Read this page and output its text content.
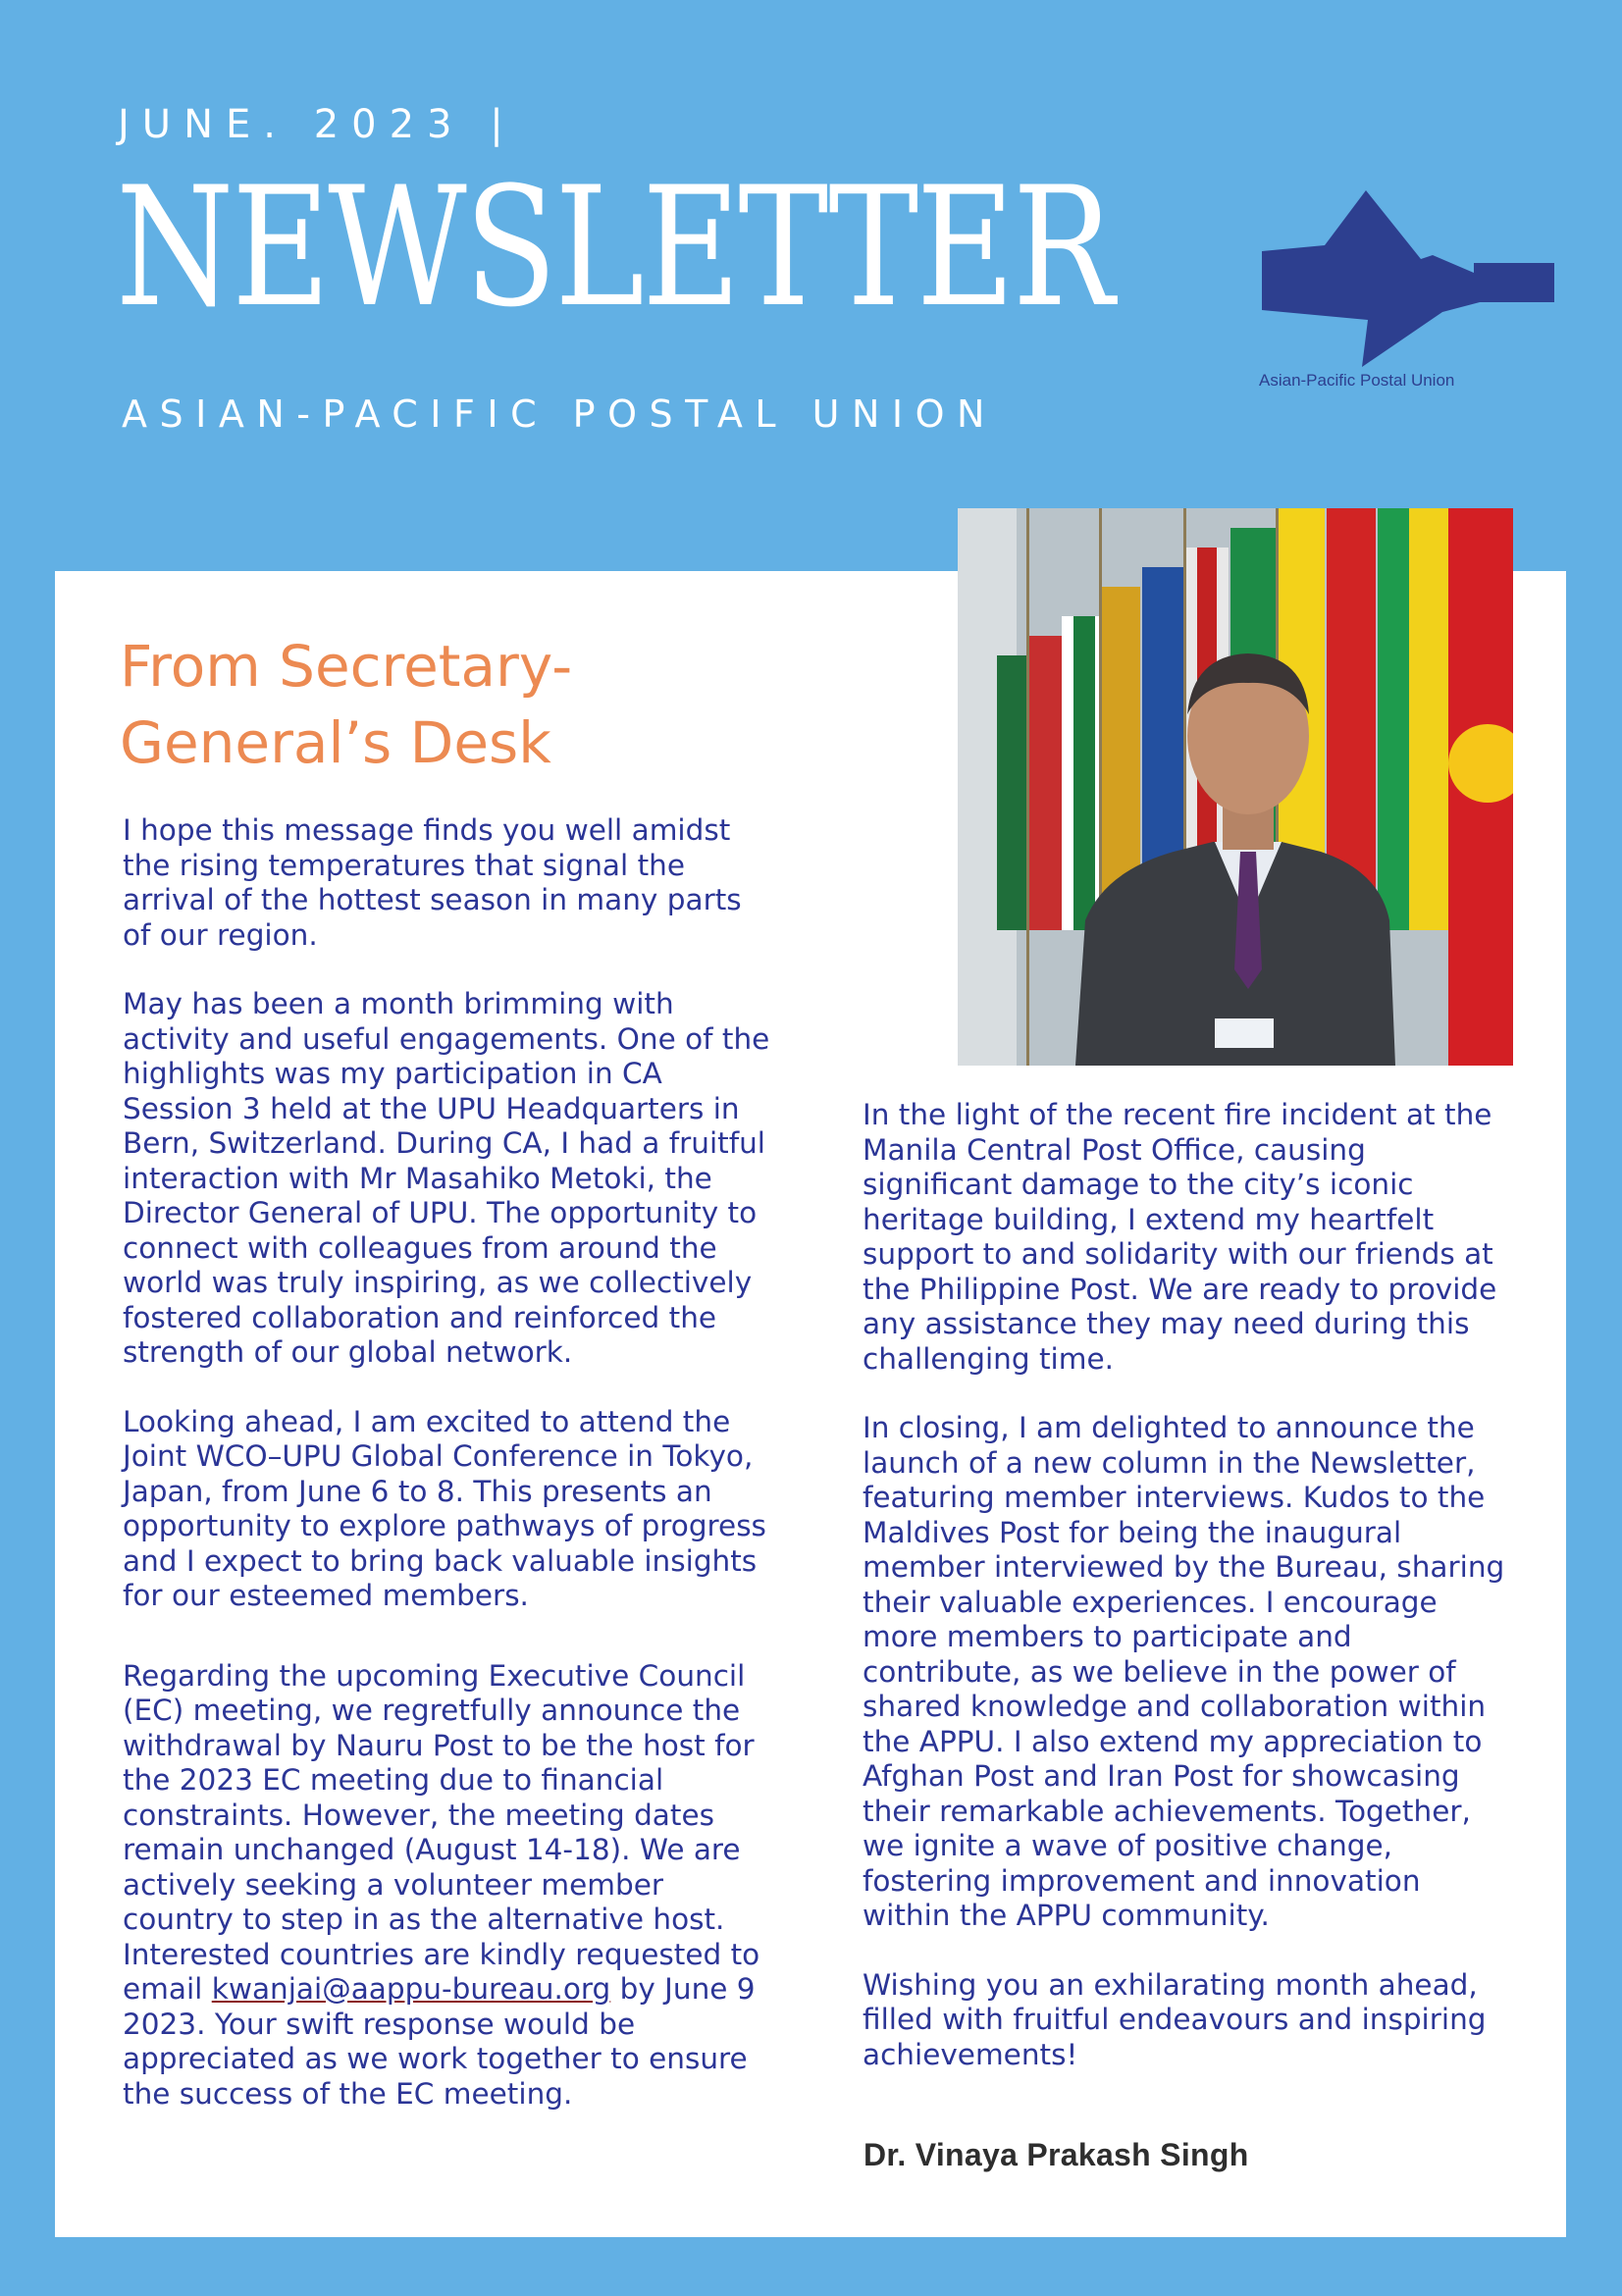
JUNE. 2023 |
NEWSLETTER
ASIAN-PACIFIC POSTAL UNION
Asian-Pacific Postal Union
From Secretary-
General’s Desk

I hope this message finds you well amidst
the rising temperatures that signal the
arrival of the hottest season in many parts
of our region.

May has been a month brimming with
activity and useful engagements. One of the
highlights was my participation in CA
Session 3 held at the UPU Headquarters in
Bern, Switzerland. During CA, I had a fruitful
interaction with Mr Masahiko Metoki, the
Director General of UPU. The opportunity to
connect with colleagues from around the
world was truly inspiring, as we collectively
fostered collaboration and reinforced the
strength of our global network.

Looking ahead, I am excited to attend the
Joint WCO–UPU Global Conference in Tokyo,
Japan, from June 6 to 8. This presents an
opportunity to explore pathways of progress
and I expect to bring back valuable insights
for our esteemed members.

Regarding the upcoming Executive Council
(EC) meeting, we regretfully announce the
withdrawal by Nauru Post to be the host for
the 2023 EC meeting due to financial
constraints. However, the meeting dates
remain unchanged (August 14-18). We are
actively seeking a volunteer member
country to step in as the alternative host.
Interested countries are kindly requested to
email kwanjai@aappu-bureau.org by June 9
2023. Your swift response would be
appreciated as we work together to ensure
the success of the EC meeting.

In the light of the recent fire incident at the
Manila Central Post Office, causing
significant damage to the city’s iconic
heritage building, I extend my heartfelt
support to and solidarity with our friends at
the Philippine Post. We are ready to provide
any assistance they may need during this
challenging time.

In closing, I am delighted to announce the
launch of a new column in the Newsletter,
featuring member interviews. Kudos to the
Maldives Post for being the inaugural
member interviewed by the Bureau, sharing
their valuable experiences. I encourage
more members to participate and
contribute, as we believe in the power of
shared knowledge and collaboration within
the APPU. I also extend my appreciation to
Afghan Post and Iran Post for showcasing
their remarkable achievements. Together,
we ignite a wave of positive change,
fostering improvement and innovation
within the APPU community.

Wishing you an exhilarating month ahead,
filled with fruitful endeavours and inspiring
achievements!

Dr. Vinaya Prakash Singh
